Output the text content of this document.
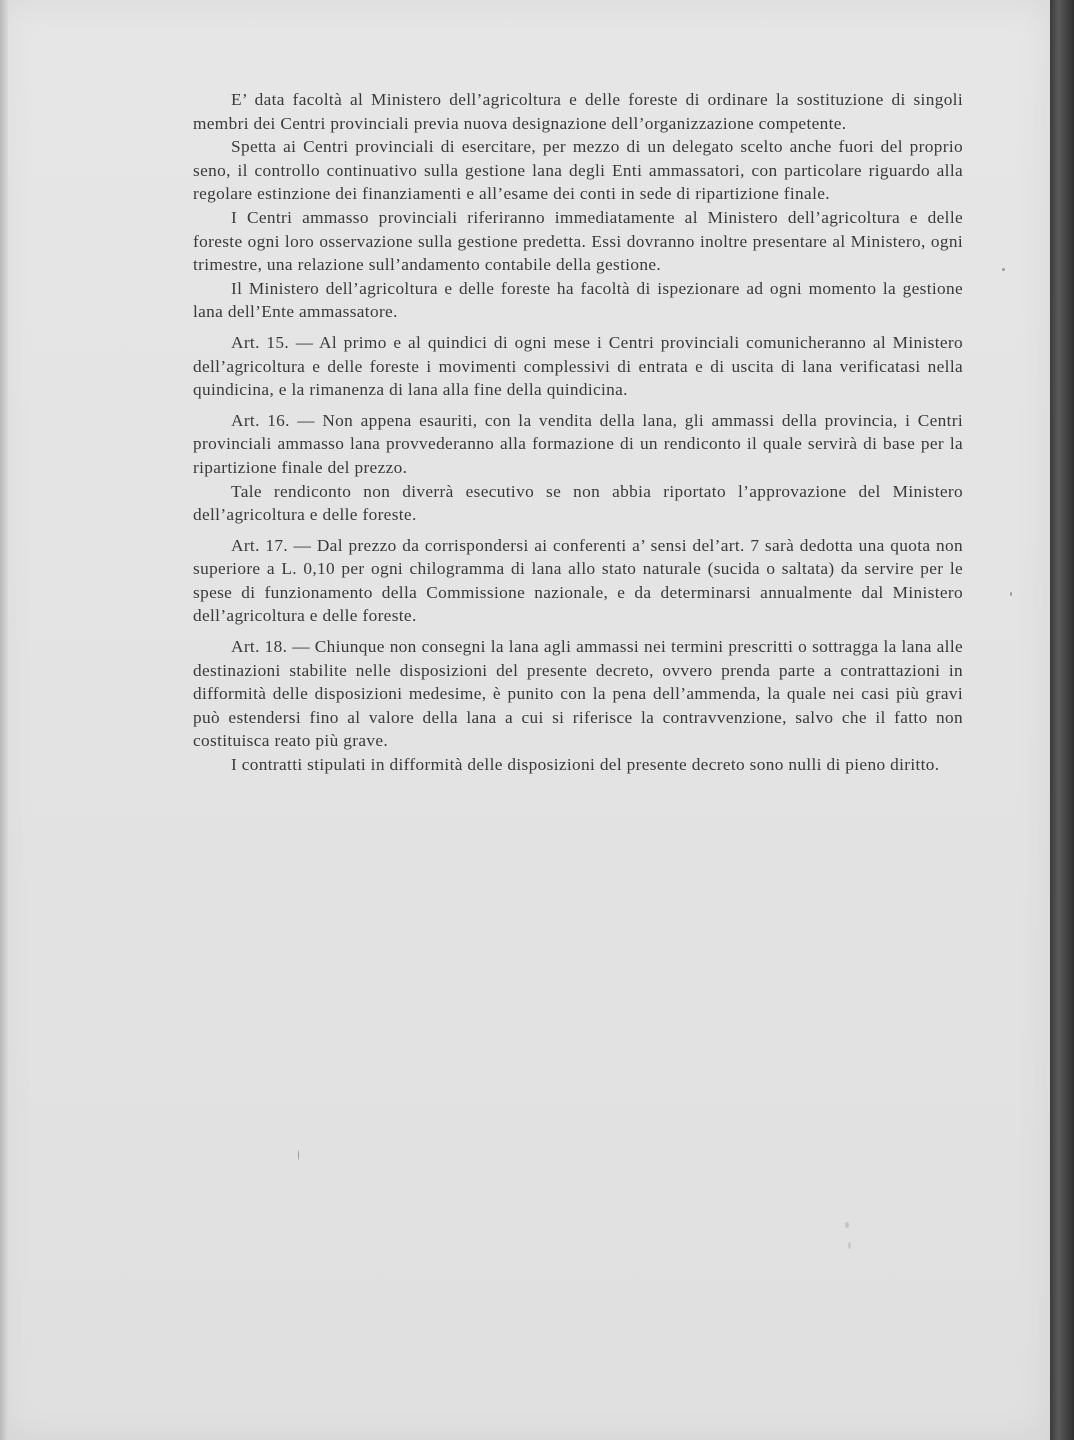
E’ data facoltà al Ministero dell’agricoltura e delle foreste di ordinare la sostituzione di singoli membri dei Centri provinciali previa nuova designazione dell’organizzazione competente.

Spetta ai Centri provinciali di esercitare, per mezzo di un delegato scelto anche fuori del proprio seno, il controllo continuativo sulla gestione lana degli Enti ammassatori, con particolare riguardo alla regolare estinzione dei finanziamenti e all’esame dei conti in sede di ripartizione finale.

I Centri ammasso provinciali riferiranno immediatamente al Ministero dell’agricoltura e delle foreste ogni loro osservazione sulla gestione predetta. Essi dovranno inoltre presentare al Ministero, ogni trimestre, una relazione sull’andamento contabile della gestione.

Il Ministero dell’agricoltura e delle foreste ha facoltà di ispezionare ad ogni momento la gestione lana dell’Ente ammassatore.

Art. 15. — Al primo e al quindici di ogni mese i Centri provinciali comunicheranno al Ministero dell’agricoltura e delle foreste i movimenti complessivi di entrata e di uscita di lana verificatasi nella quindicina, e la rimanenza di lana alla fine della quindicina.

Art. 16. — Non appena esauriti, con la vendita della lana, gli ammassi della provincia, i Centri provinciali ammasso lana provvederanno alla formazione di un rendiconto il quale servirà di base per la ripartizione finale del prezzo.

Tale rendiconto non diverrà esecutivo se non abbia riportato l’approvazione del Ministero dell’agricoltura e delle foreste.

Art. 17. — Dal prezzo da corrispondersi ai conferenti a’ sensi del’art. 7 sarà dedotta una quota non superiore a L. 0,10 per ogni chilogramma di lana allo stato naturale (sucida o saltata) da servire per le spese di funzionamento della Commissione nazionale, e da determinarsi annualmente dal Ministero dell’agricoltura e delle foreste.

Art. 18. — Chiunque non consegni la lana agli ammassi nei termini prescritti o sottragga la lana alle destinazioni stabilite nelle disposizioni del presente decreto, ovvero prenda parte a contrattazioni in difformità delle disposizioni medesime, è punito con la pena dell’ammenda, la quale nei casi più gravi può estendersi fino al valore della lana a cui si riferisce la contravvenzione, salvo che il fatto non costituisca reato più grave.

I contratti stipulati in difformità delle disposizioni del presente decreto sono nulli di pieno diritto.
